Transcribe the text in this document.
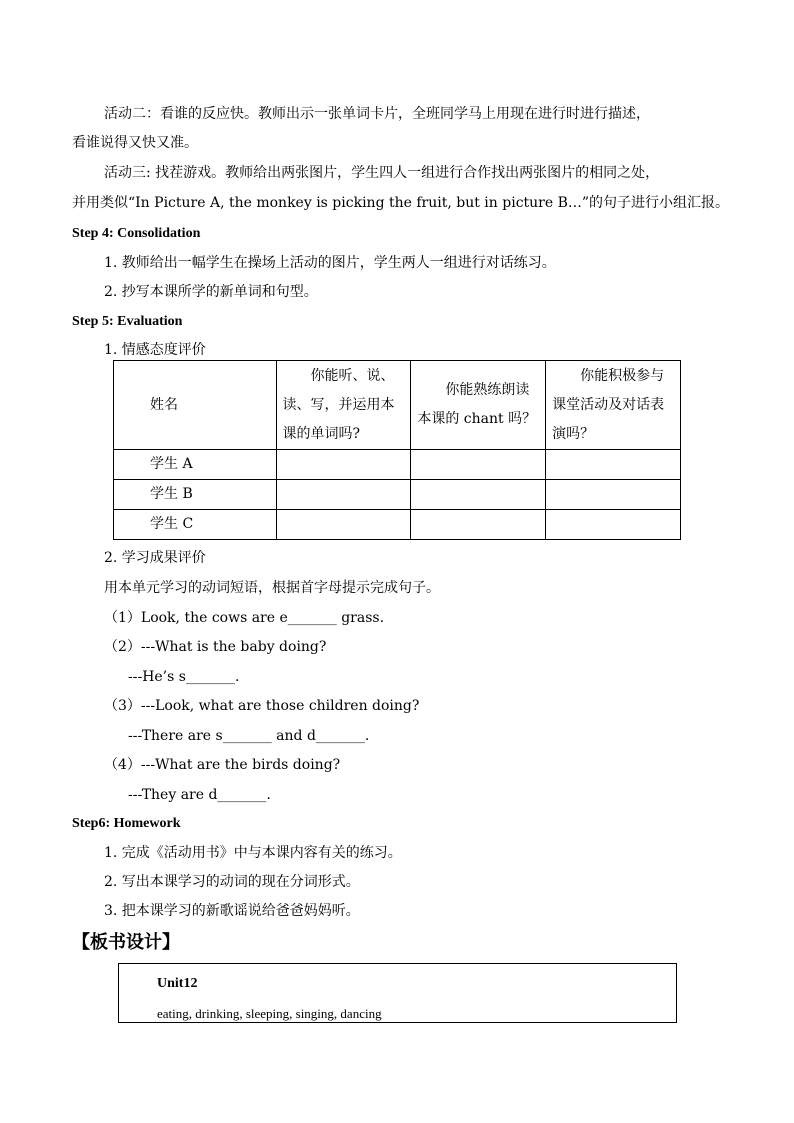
活动二：看谁的反应快。教师出示一张单词卡片，全班同学马上用现在进行时进行描述，
看谁说得又快又准。
活动三: 找茬游戏。教师给出两张图片，学生四人一组进行合作找出两张图片的相同之处，
并用类似“In Picture A, the monkey is picking the fruit, but in picture B…”的句子进行小组汇报。
Step 4: Consolidation
1. 教师给出一幅学生在操场上活动的图片，学生两人一组进行对话练习。
2. 抄写本课所学的新单词和句型。
Step 5: Evaluation
1. 情感态度评价
姓名	你能听、说、读、写，并运用本课的单词吗?	你能熟练朗读本课的 chant 吗？	你能积极参与课堂活动及对话表演吗？
学生 A			
学生 B			
学生 C			
2. 学习成果评价
用本单元学习的动词短语，根据首字母提示完成句子。
（1）Look, the cows are e_______ grass.
（2）---What is the baby doing?
---He’s s_______.
（3）---Look, what are those children doing?
---There are s_______ and d_______.
（4）---What are the birds doing?
---They are d_______.
Step6: Homework
1. 完成《活动用书》中与本课内容有关的练习。
2. 写出本课学习的动词的现在分词形式。
3. 把本课学习的新歌谣说给爸爸妈妈听。
【板书设计】
Unit12
eating, drinking, sleeping, singing, dancing
